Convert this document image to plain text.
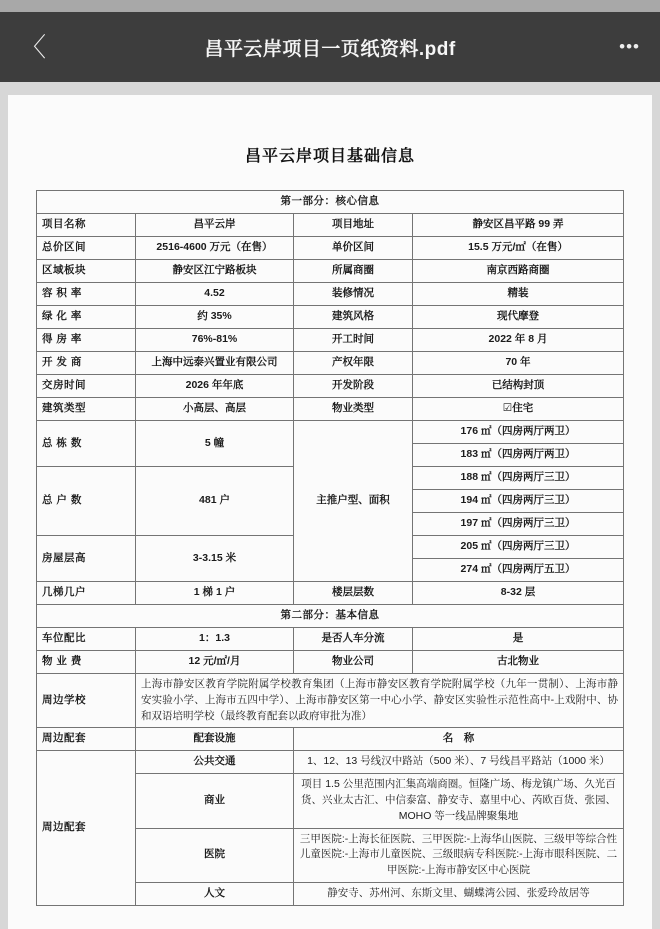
〈	昌平云岸项目一页纸资料.pdf	•••
昌平云岸项目基础信息
第一部分：核心信息			
项目名称	昌平云岸	项目地址	静安区昌平路 99 弄
总价区间	2516-4600 万元（在售）	单价区间	15.5 万元/㎡（在售）
区域板块	静安区江宁路板块	所属商圈	南京西路商圈
容 积 率	4.52	装修情况	精装
绿 化 率	约 35%	建筑风格	现代摩登
得 房 率	76%-81%	开工时间	2022 年 8 月
开 发 商	上海中远泰兴置业有限公司	产权年限	70 年
交房时间	2026 年年底	开发阶段	已结构封顶
建筑类型	小高层、高层	物业类型	☑住宅
总 栋 数	5 幢	主推户型、面积	176 ㎡（四房两厅两卫）
			183 ㎡（四房两厅两卫）
总 户 数	481 户		188 ㎡（四房两厅三卫）
			194 ㎡（四房两厅三卫）
			197 ㎡（四房两厅三卫）
房屋层高	3-3.15 米		205 ㎡（四房两厅三卫）
			274 ㎡（四房两厅五卫）
几梯几户	1 梯 1 户	楼层层数	8-32 层
第二部分：基本信息			
车位配比	1：1.3	是否人车分流	是
物 业 费	12 元/㎡/月	物业公司	古北物业
周边学校	上海市静安区教育学院附属学校教育集团（上海市静安区教育学院附属学校（九年一贯制）、上海市静安实验小学、上海市五四中学）、上海市静安区第一中心小学、静安区实验性示范性高中-上戏附中、协和双语培明学校（最终教育配套以政府审批为准）		
周边配套	配套设施	名　称	
周边配套	公共交通	1、12、13 号线汉中路站（500 米）、7 号线昌平路站（1000 米）	
	商业	项目 1.5 公里范围内汇集高端商圈。恒隆广场、梅龙镇广场、久光百货、兴业太古汇、中信泰富、静安寺、嘉里中心、芮欧百货、张园、MOHO 等一线品牌聚集地	
	医院	三甲医院:-上海长征医院、三甲医院:-上海华山医院、三级甲等综合性儿童医院:-上海市儿童医院、三级眼病专科医院:-上海市眼科医院、二甲医院:-上海市静安区中心医院	
	人文	静安寺、苏州河、东斯文里、蝴蝶湾公园、张爱玲故居等	
